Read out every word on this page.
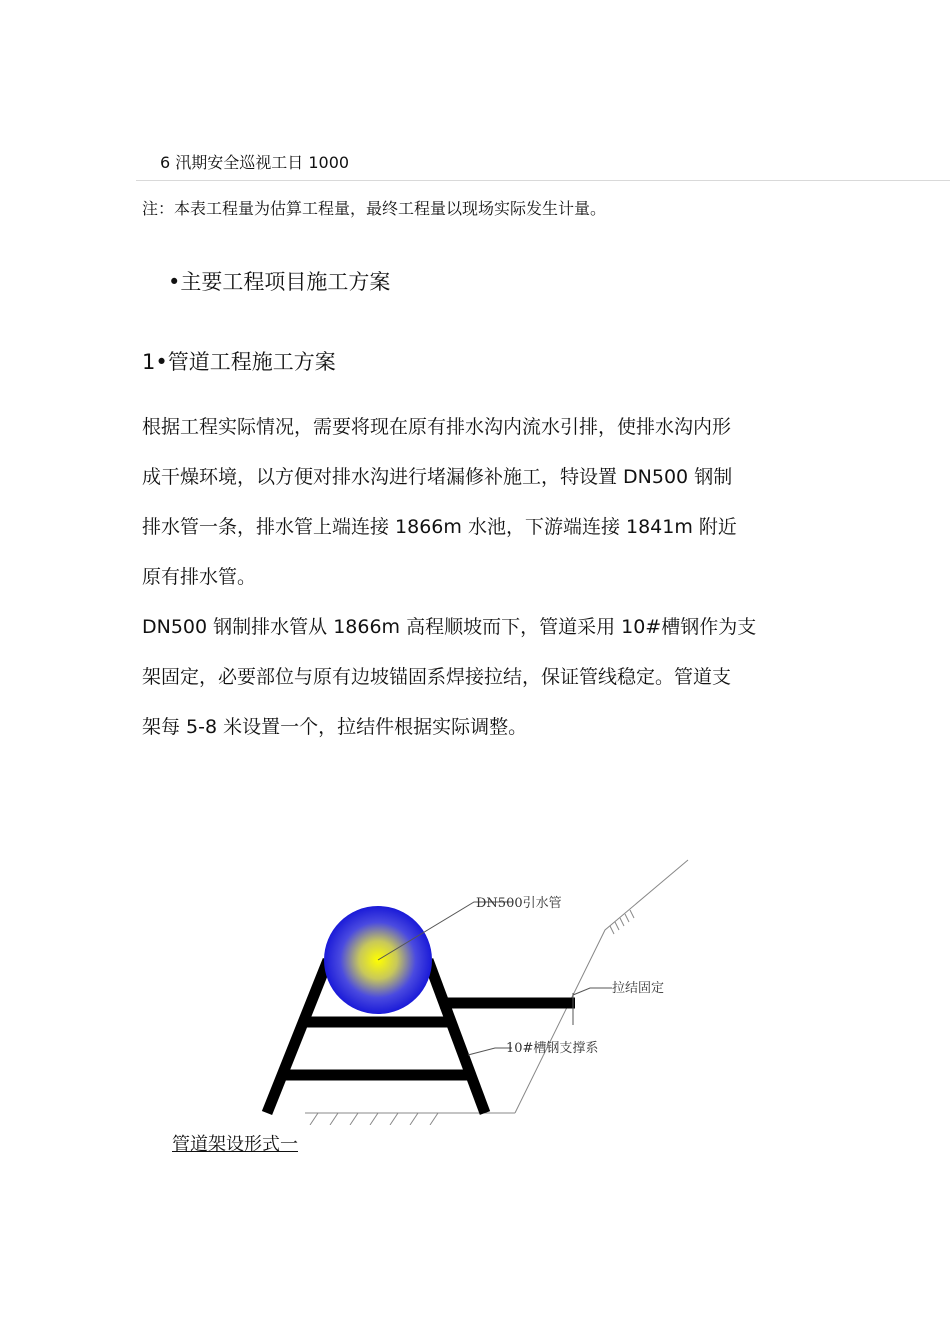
6 汛期安全巡视工日 1000
注：本表工程量为估算工程量，最终工程量以现场实际发生计量。
•主要工程项目施工方案
1•管道工程施工方案
根据工程实际情况，需要将现在原有排水沟内流水引排，使排水沟内形
成干燥环境，以方便对排水沟进行堵漏修补施工，特设置 DN500 钢制
排水管一条，排水管上端连接 1866m 水池，下游端连接 1841m 附近
原有排水管。
DN500 钢制排水管从 1866m 高程顺坡而下，管道采用 10#槽钢作为支
架固定，必要部位与原有边坡锚固系焊接拉结，保证管线稳定。管道支
架每 5-8 米设置一个，拉结件根据实际调整。
DN500引水管
拉结固定
10#槽钢支撑系
管道架设形式一
